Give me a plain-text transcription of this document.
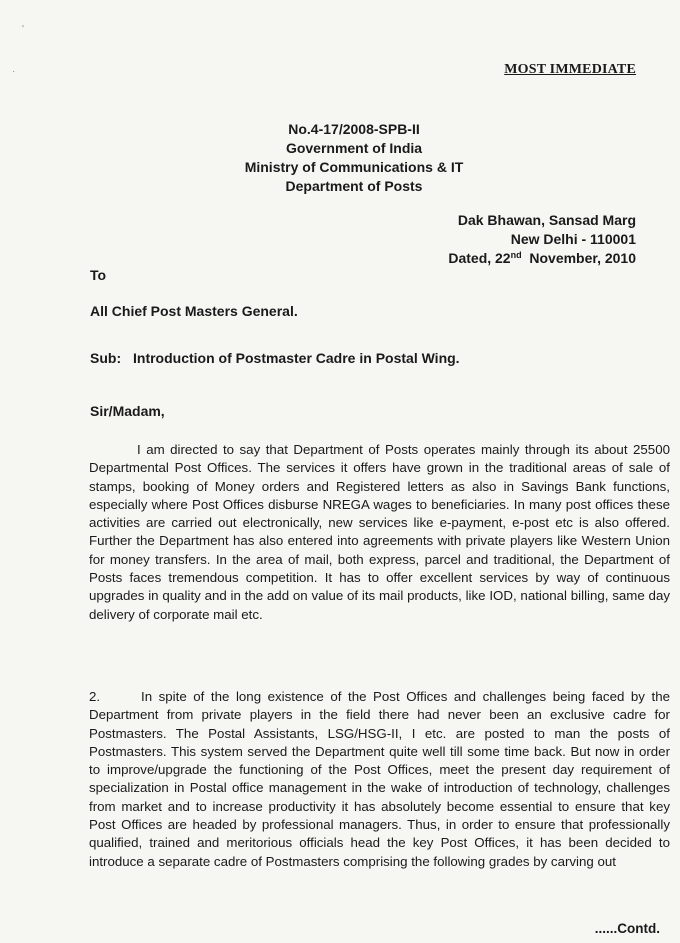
'
·	MOST IMMEDIATE
No.4-17/2008-SPB-II
Government of India
Ministry of Communications & IT
Department of Posts
Dak Bhawan, Sansad Marg
New Delhi - 110001
Dated, 22nd November, 2010
To
All Chief Post Masters General.
Sub: Introduction of Postmaster Cadre in Postal Wing.
Sir/Madam,

I am directed to say that Department of Posts operates mainly through its about 25500 Departmental Post Offices. The services it offers have grown in the traditional areas of sale of stamps, booking of Money orders and Registered letters as also in Savings Bank functions, especially where Post Offices disburse NREGA wages to beneficiaries. In many post offices these activities are carried out electronically, new services like e-payment, e-post etc is also offered. Further the Department has also entered into agreements with private players like Western Union for money transfers. In the area of mail, both express, parcel and traditional, the Department of Posts faces tremendous competition. It has to offer excellent services by way of continuous upgrades in quality and in the add on value of its mail products, like IOD, national billing, same day delivery of corporate mail etc.

2.	In spite of the long existence of the Post Offices and challenges being faced by the Department from private players in the field there had never been an exclusive cadre for Postmasters. The Postal Assistants, LSG/HSG-II, I etc. are posted to man the posts of Postmasters. This system served the Department quite well till some time back. But now in order to improve/upgrade the functioning of the Post Offices, meet the present day requirement of specialization in Postal office management in the wake of introduction of technology, challenges from market and to increase productivity it has absolutely become essential to ensure that key Post Offices are headed by professional managers. Thus, in order to ensure that professionally qualified, trained and meritorious officials head the key Post Offices, it has been decided to introduce a separate cadre of Postmasters comprising the following grades by carving out

......Contd.
